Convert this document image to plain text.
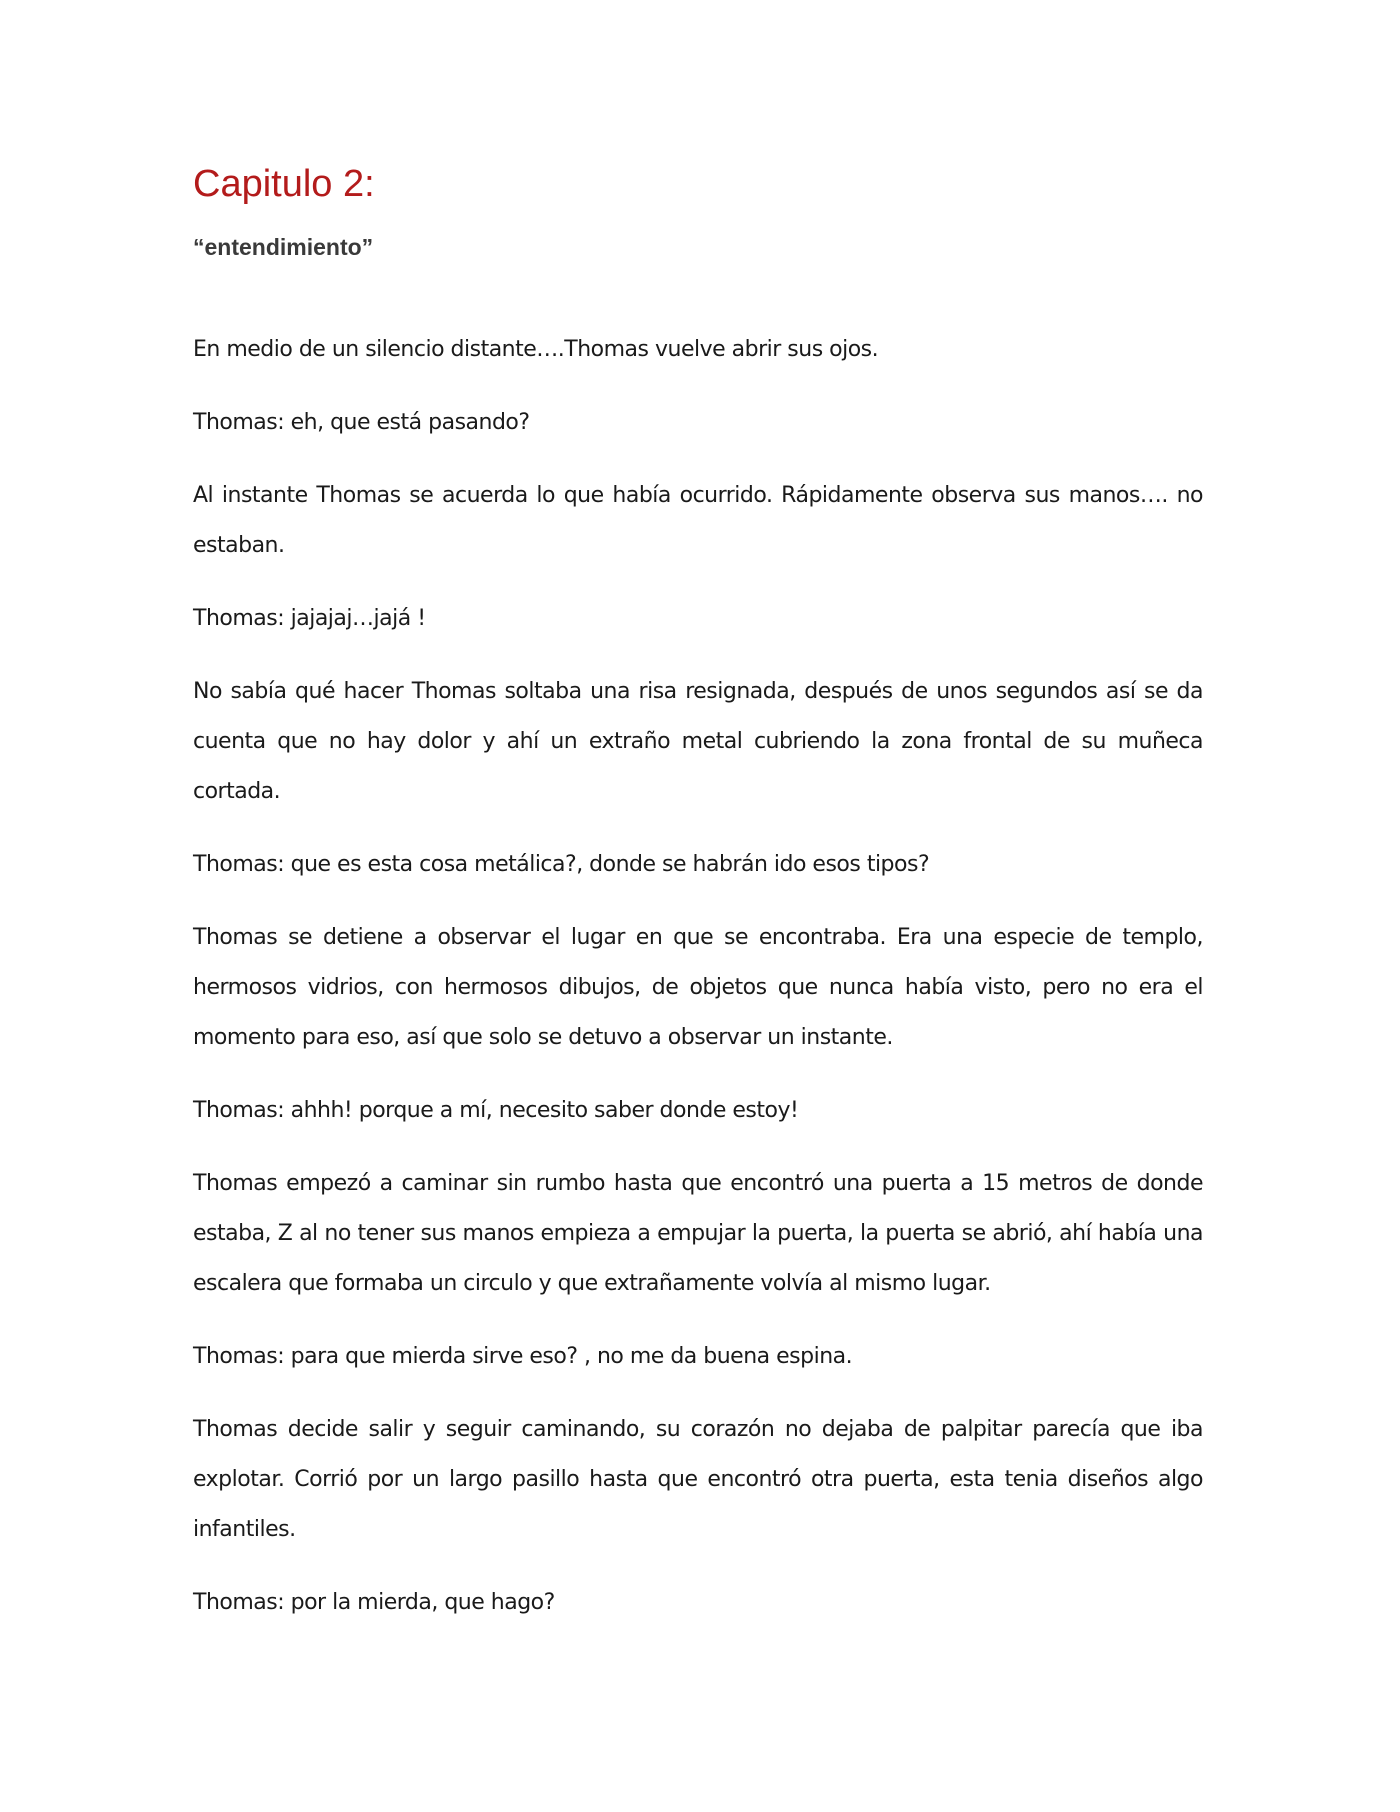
Capitulo 2:
“entendimiento”

En medio de un silencio distante….Thomas vuelve abrir sus ojos.

Thomas: eh, que está pasando?

Al instante Thomas se acuerda lo que había ocurrido. Rápidamente observa sus manos…. no estaban.

Thomas: jajajaj…jajá !

No sabía qué hacer Thomas soltaba una risa resignada, después de unos segundos así se da cuenta que no hay dolor y ahí un extraño metal cubriendo la zona frontal de su muñeca cortada.

Thomas: que es esta cosa metálica?, donde se habrán ido esos tipos?

Thomas se detiene a observar el lugar en que se encontraba. Era una especie de templo, hermosos vidrios, con hermosos dibujos, de objetos que nunca había visto, pero no era el momento para eso, así que solo se detuvo a observar un instante.

Thomas: ahhh! porque a mí, necesito saber donde estoy!

Thomas empezó a caminar sin rumbo hasta que encontró una puerta a 15 metros de donde estaba, Z al no tener sus manos empieza a empujar la puerta, la puerta se abrió, ahí había una escalera que formaba un circulo y que extrañamente volvía al mismo lugar.

Thomas: para que mierda sirve eso? , no me da buena espina.

Thomas decide salir y seguir caminando, su corazón no dejaba de palpitar parecía que iba explotar. Corrió por un largo pasillo hasta que encontró otra puerta, esta tenia diseños algo infantiles.

Thomas: por la mierda, que hago?
